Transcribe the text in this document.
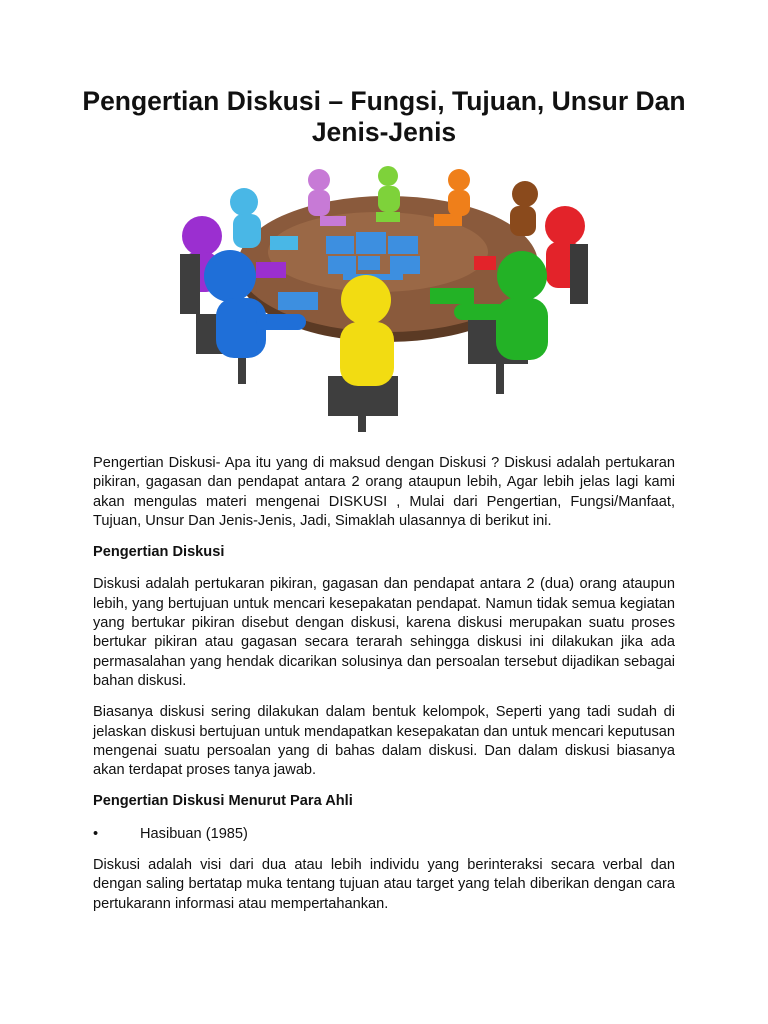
Pengertian Diskusi – Fungsi, Tujuan, Unsur Dan Jenis-Jenis

Pengertian Diskusi- Apa itu yang di maksud dengan Diskusi ? Diskusi adalah pertukaran pikiran, gagasan dan pendapat antara 2 orang ataupun lebih, Agar lebih jelas lagi kami akan mengulas materi mengenai DISKUSI , Mulai dari Pengertian, Fungsi/Manfaat, Tujuan, Unsur Dan Jenis-Jenis, Jadi, Simaklah ulasannya di berikut ini.

Pengertian Diskusi

Diskusi adalah pertukaran pikiran, gagasan dan pendapat antara 2 (dua) orang ataupun lebih, yang bertujuan untuk mencari kesepakatan pendapat. Namun tidak semua kegiatan yang bertukar pikiran disebut dengan diskusi, karena diskusi merupakan suatu proses bertukar pikiran atau gagasan secara terarah sehingga diskusi ini dilakukan jika ada permasalahan yang hendak dicarikan solusinya dan persoalan tersebut dijadikan sebagai bahan diskusi.

Biasanya diskusi sering dilakukan dalam bentuk kelompok, Seperti yang tadi sudah di jelaskan diskusi bertujuan untuk mendapatkan kesepakatan dan untuk mencari keputusan mengenai suatu persoalan yang di bahas dalam diskusi. Dan dalam diskusi biasanya akan terdapat proses tanya jawab.

Pengertian Diskusi Menurut Para Ahli
•	Hasibuan (1985)

Diskusi adalah visi dari dua atau lebih individu yang berinteraksi secara verbal dan dengan saling bertatap muka tentang tujuan atau target yang telah diberikan dengan cara pertukarann informasi atau mempertahankan.
